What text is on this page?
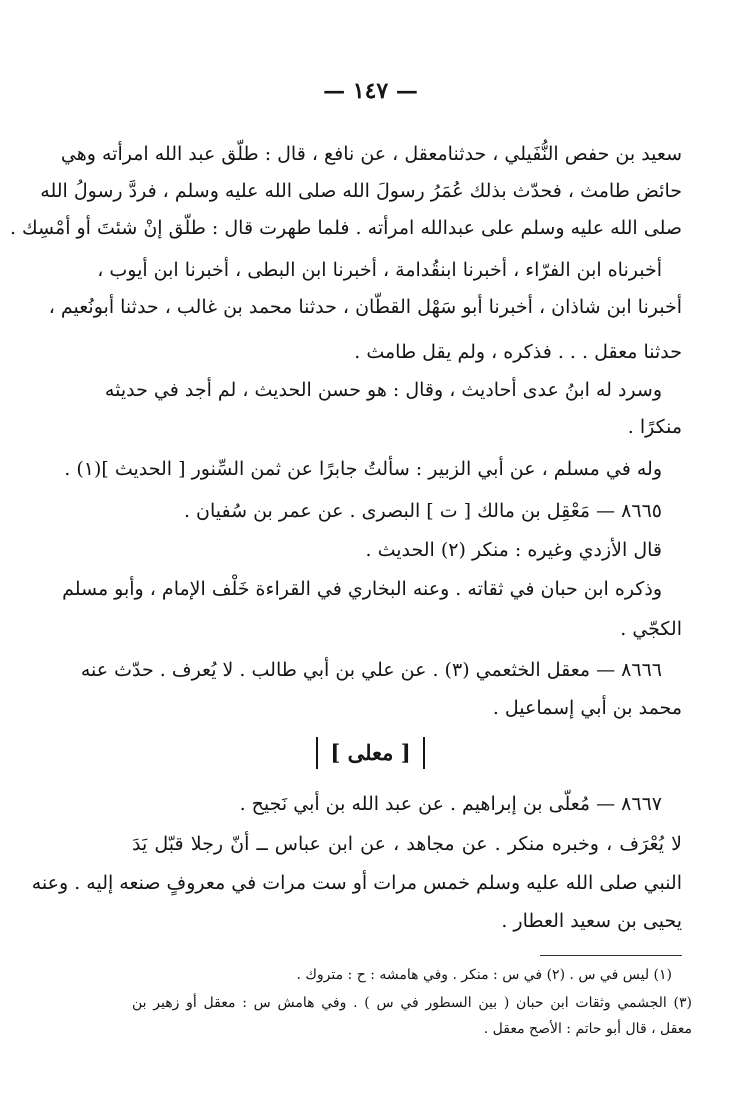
— ١٤٧ —
سعيد بن حفص النُّفَيلي ، حدثنامعقل ، عن نافع ، قال : طلّق عبد الله امرأته وهي
حائض طامث ، فحدّث بذلك عُمَرُ رسولَ الله صلى الله عليه وسلم ، فردَّ رسولُ الله
صلى الله عليه وسلم على عبدالله امرأته . فلما طهرت قال : طلّق إنْ شئتَ أو أمْسِك .
أخبرناه ابن الفرّاء ، أخبرنا ابنقُدامة ، أخبرنا ابن البطى ، أخبرنا ابن أيوب ،
أخبرنا ابن شاذان ، أخبرنا أبو سَهْل القطّان ، حدثنا محمد بن غالب ، حدثنا أبونُعيم ،
حدثنا معقل . . . فذكره ، ولم يقل طامث .
وسرد له ابنُ عدى أحاديث ، وقال : هو حسن الحديث ، لم أجد في حديثه
منكرًا .
وله في مسلم ، عن أبي الزبير : سألتُ جابرًا عن ثمن السِّنور [ الحديث ](١) .
٨٦٦٥ — مَعْقِل بن مالك [ ت ] البصرى . عن عمر بن سُفيان .
قال الأزدي وغيره : منكر (٢) الحديث .
وذكره ابن حبان في ثقاته . وعنه البخاري في القراءة خَلْف الإمام ، وأبو مسلم
الكجّي .
٨٦٦٦ — معقل الخثعمي (٣) . عن علي بن أبي طالب . لا يُعرف . حدّث عنه
محمد بن أبي إسماعيل .
[ معلى ]
٨٦٦٧ — مُعلّى بن إبراهيم . عن عبد الله بن أبي نَجيح .
لا يُعْرَف ، وخبره منكر . عن مجاهد ، عن ابن عباس ــ أنّ رجلا قبّل يَدَ
النبي صلى الله عليه وسلم خمس مرات أو ست مرات في معروفٍ صنعه إليه . وعنه
يحيى بن سعيد العطار .
(١) ليس في س . (٢) في س : منكر . وفي هامشه : ح : متروك .
(٣) الجشمي وثقات ابن حبان ( بين السطور في س ) . وفي هامش س : معقل أو زهير بن
معقل ، قال أبو حاتم : الأصح معقل .
